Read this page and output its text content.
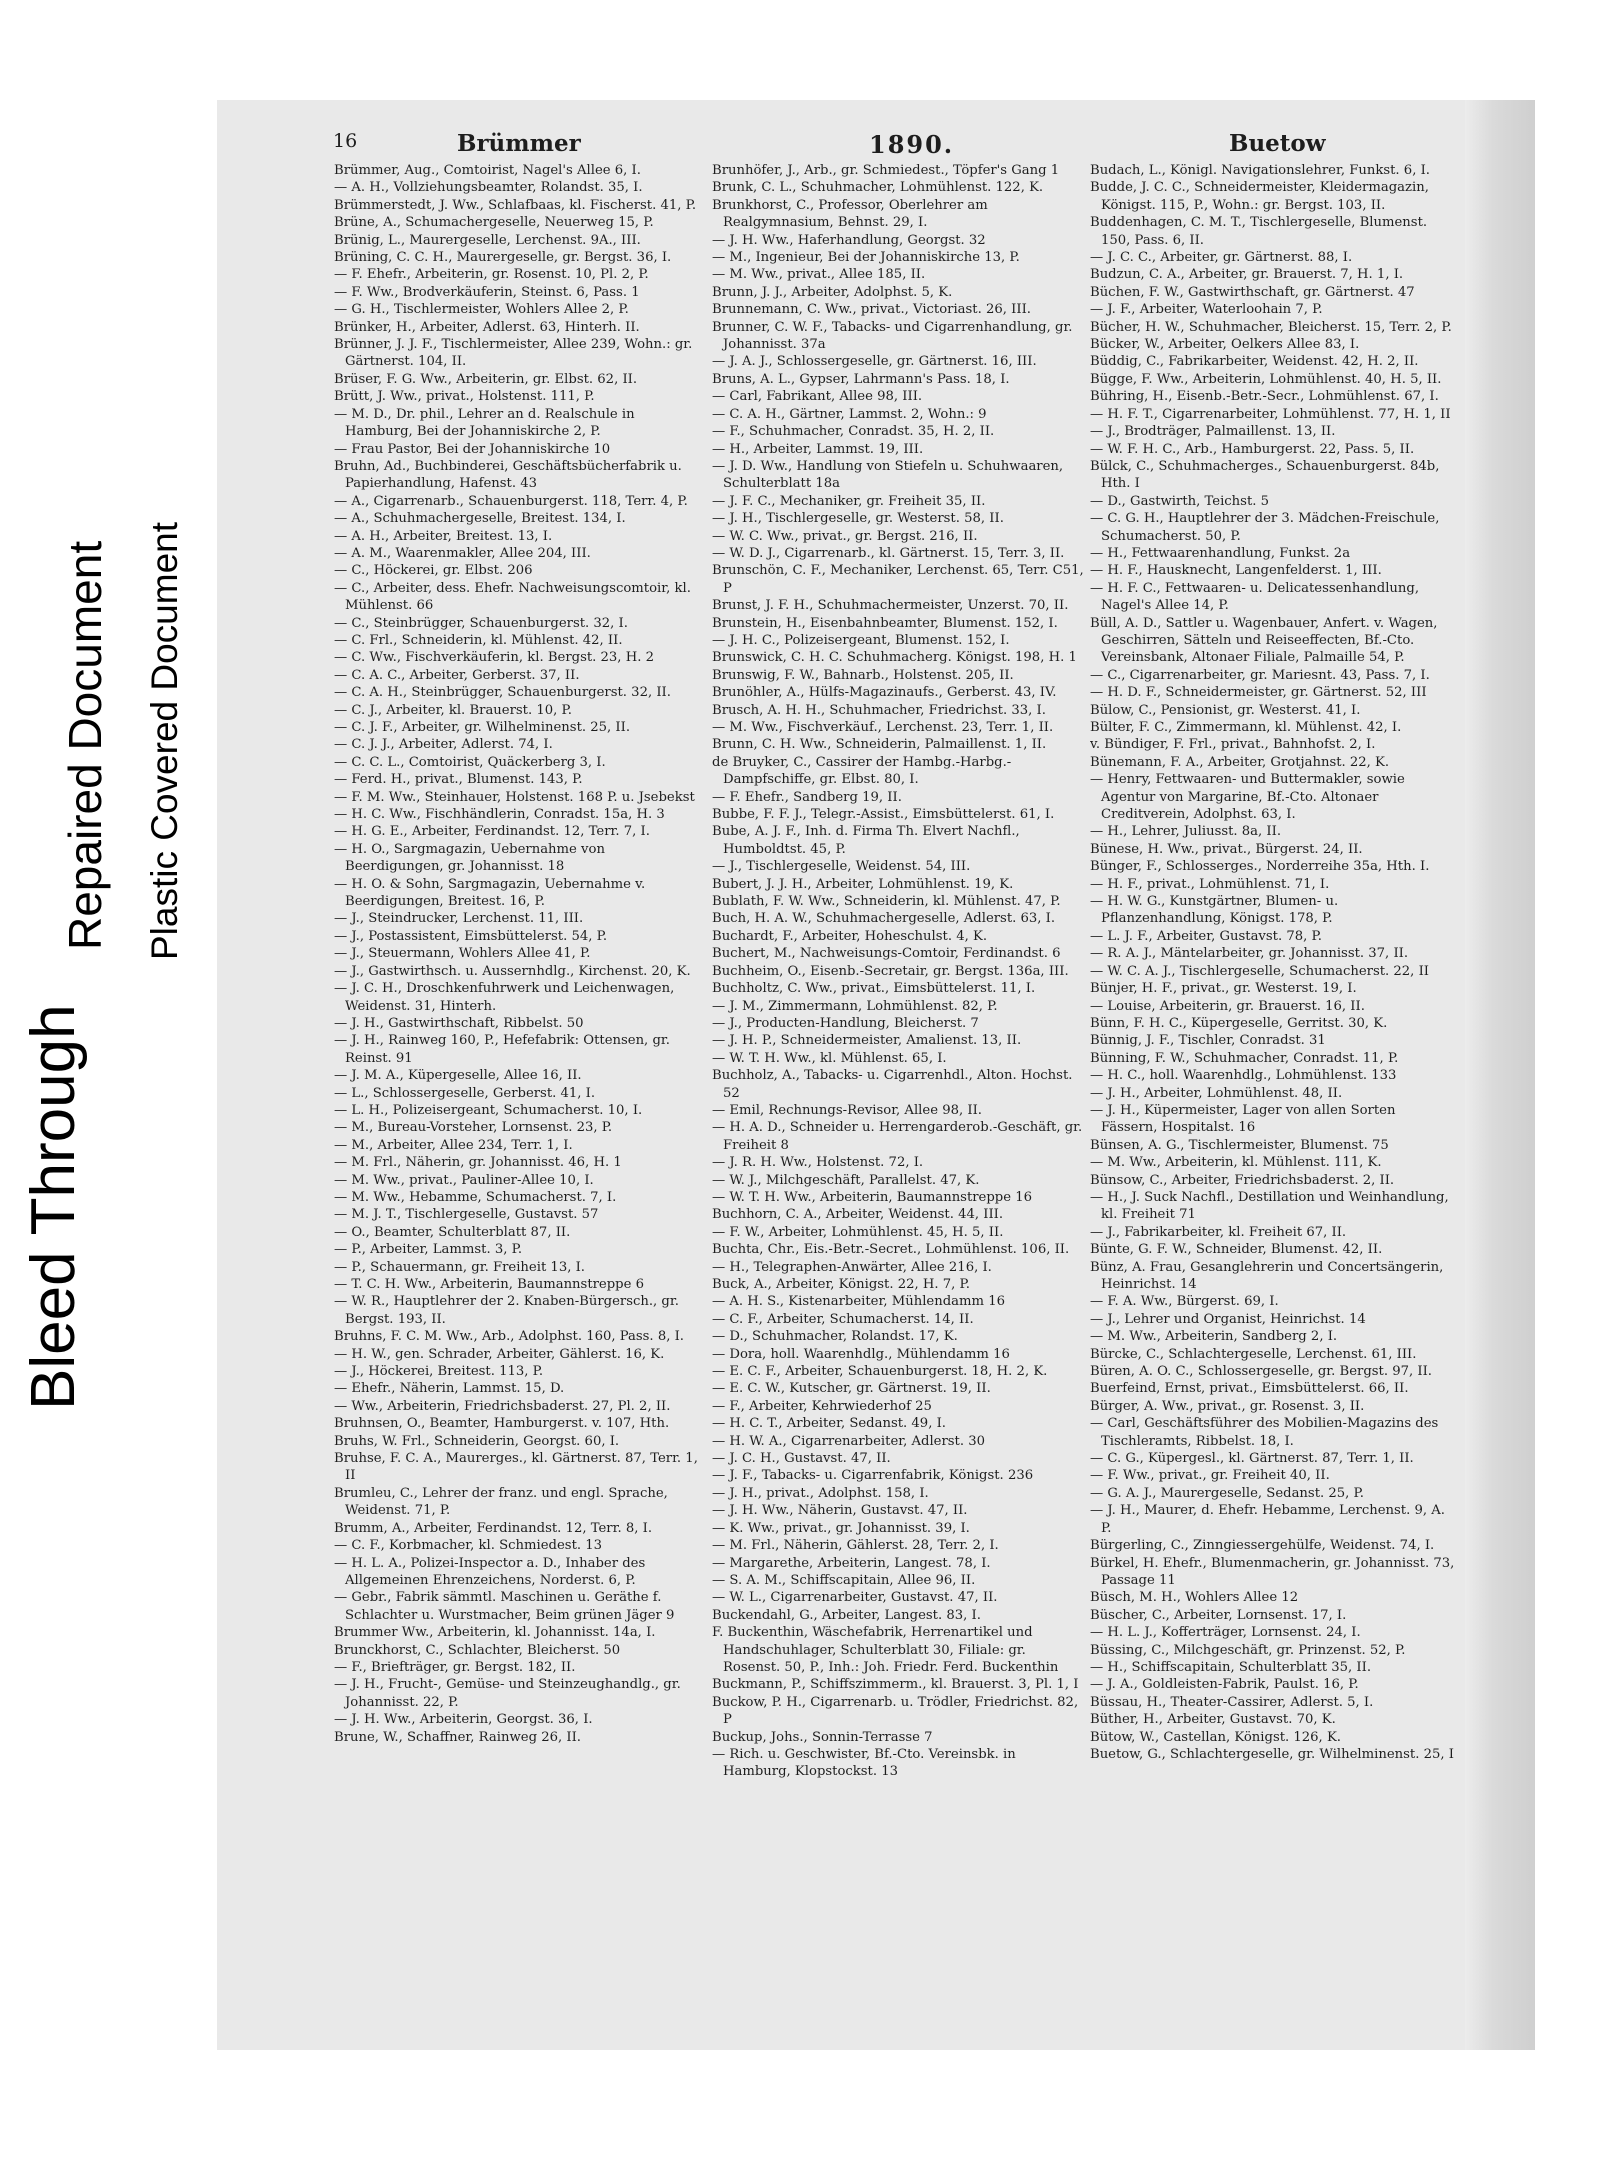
Bleed Through
Repaired Document Plastic Covered Document
16	Brümmer	1890.	Buetow

Brümmer, Aug., Comtoirist, Nagel's Allee 6, I.

— A. H., Vollziehungsbeamter, Rolandst. 35, I.

Brümmerstedt, J. Ww., Schlafbaas, kl. Fischerst. 41, P.

Brüne, A., Schumachergeselle, Neuerweg 15, P.

Brünig, L., Maurergeselle, Lerchenst. 9A., III.

Brüning, C. C. H., Maurergeselle, gr. Bergst. 36, I.

— F. Ehefr., Arbeiterin, gr. Rosenst. 10, Pl. 2, P.

— F. Ww., Brodverkäuferin, Steinst. 6, Pass. 1

— G. H., Tischlermeister, Wohlers Allee 2, P.

Brünker, H., Arbeiter, Adlerst. 63, Hinterh. II.

Brünner, J. J. F., Tischlermeister, Allee 239, Wohn.: gr. Gärtnerst. 104, II.

Brüser, F. G. Ww., Arbeiterin, gr. Elbst. 62, II.

Brütt, J. Ww., privat., Holstenst. 111, P.

— M. D., Dr. phil., Lehrer an d. Realschule in Hamburg, Bei der Johanniskirche 2, P.

— Frau Pastor, Bei der Johanniskirche 10

Bruhn, Ad., Buchbinderei, Geschäftsbücherfabrik u. Papierhandlung, Hafenst. 43

— A., Cigarrenarb., Schauenburgerst. 118, Terr. 4, P.

— A., Schuhmachergeselle, Breitest. 134, I.

— A. H., Arbeiter, Breitest. 13, I.

— A. M., Waarenmakler, Allee 204, III.

— C., Höckerei, gr. Elbst. 206

— C., Arbeiter, dess. Ehefr. Nachweisungscomtoir, kl. Mühlenst. 66

— C., Steinbrügger, Schauenburgerst. 32, I.

— C. Frl., Schneiderin, kl. Mühlenst. 42, II.

— C. Ww., Fischverkäuferin, kl. Bergst. 23, H. 2

— C. A. C., Arbeiter, Gerberst. 37, II.

— C. A. H., Steinbrügger, Schauenburgerst. 32, II.

— C. J., Arbeiter, kl. Brauerst. 10, P.

— C. J. F., Arbeiter, gr. Wilhelminenst. 25, II.

— C. J. J., Arbeiter, Adlerst. 74, I.

— C. C. L., Comtoirist, Quäckerberg 3, I.

— Ferd. H., privat., Blumenst. 143, P.

— F. M. Ww., Steinhauer, Holstenst. 168 P. u. Jsebekst

— H. C. Ww., Fischhändlerin, Conradst. 15a, H. 3

— H. G. E., Arbeiter, Ferdinandst. 12, Terr. 7, I.

— H. O., Sargmagazin, Uebernahme von Beerdigungen, gr. Johannisst. 18

— H. O. & Sohn, Sargmagazin, Uebernahme v. Beerdigungen, Breitest. 16, P.

— J., Steindrucker, Lerchenst. 11, III.

— J., Postassistent, Eimsbüttelerst. 54, P.

— J., Steuermann, Wohlers Allee 41, P.

— J., Gastwirthsch. u. Aussernhdlg., Kirchenst. 20, K.

— J. C. H., Droschkenfuhrwerk und Leichenwagen, Weidenst. 31, Hinterh.

— J. H., Gastwirthschaft, Ribbelst. 50

— J. H., Rainweg 160, P., Hefefabrik: Ottensen, gr. Reinst. 91

— J. M. A., Küpergeselle, Allee 16, II.

— L., Schlossergeselle, Gerberst. 41, I.

— L. H., Polizeisergeant, Schumacherst. 10, I.

— M., Bureau-Vorsteher, Lornsenst. 23, P.

— M., Arbeiter, Allee 234, Terr. 1, I.

— M. Frl., Näherin, gr. Johannisst. 46, H. 1

— M. Ww., privat., Pauliner-Allee 10, I.

— M. Ww., Hebamme, Schumacherst. 7, I.

— M. J. T., Tischlergeselle, Gustavst. 57

— O., Beamter, Schulterblatt 87, II.

— P., Arbeiter, Lammst. 3, P.

— P., Schauermann, gr. Freiheit 13, I.

— T. C. H. Ww., Arbeiterin, Baumannstreppe 6

— W. R., Hauptlehrer der 2. Knaben-Bürgersch., gr. Bergst. 193, II.

Bruhns, F. C. M. Ww., Arb., Adolphst. 160, Pass. 8, I.

— H. W., gen. Schrader, Arbeiter, Gählerst. 16, K.

— J., Höckerei, Breitest. 113, P.

— Ehefr., Näherin, Lammst. 15, D.

— Ww., Arbeiterin, Friedrichsbaderst. 27, Pl. 2, II.

Bruhnsen, O., Beamter, Hamburgerst. v. 107, Hth.

Bruhs, W. Frl., Schneiderin, Georgst. 60, I.

Bruhse, F. C. A., Maurerges., kl. Gärtnerst. 87, Terr. 1, II

Brumleu, C., Lehrer der franz. und engl. Sprache, Weidenst. 71, P.

Brumm, A., Arbeiter, Ferdinandst. 12, Terr. 8, I.

— C. F., Korbmacher, kl. Schmiedest. 13

— H. L. A., Polizei-Inspector a. D., Inhaber des Allgemeinen Ehrenzeichens, Norderst. 6, P.

— Gebr., Fabrik sämmtl. Maschinen u. Geräthe f. Schlachter u. Wurstmacher, Beim grünen Jäger 9

Brummer Ww., Arbeiterin, kl. Johannisst. 14a, I.

Brunckhorst, C., Schlachter, Bleicherst. 50

— F., Briefträger, gr. Bergst. 182, II.

— J. H., Frucht-, Gemüse- und Steinzeughandlg., gr. Johannisst. 22, P.

— J. H. Ww., Arbeiterin, Georgst. 36, I.

Brune, W., Schaffner, Rainweg 26, II.

Brunhöfer, J., Arb., gr. Schmiedest., Töpfer's Gang 1

Brunk, C. L., Schuhmacher, Lohmühlenst. 122, K.

Brunkhorst, C., Professor, Oberlehrer am Realgymnasium, Behnst. 29, I.

— J. H. Ww., Haferhandlung, Georgst. 32

— M., Ingenieur, Bei der Johanniskirche 13, P.

— M. Ww., privat., Allee 185, II.

Brunn, J. J., Arbeiter, Adolphst. 5, K.

Brunnemann, C. Ww., privat., Victoriast. 26, III.

Brunner, C. W. F., Tabacks- und Cigarrenhandlung, gr. Johannisst. 37a

— J. A. J., Schlossergeselle, gr. Gärtnerst. 16, III.

Bruns, A. L., Gypser, Lahrmann's Pass. 18, I.

— Carl, Fabrikant, Allee 98, III.

— C. A. H., Gärtner, Lammst. 2, Wohn.: 9

— F., Schuhmacher, Conradst. 35, H. 2, II.

— H., Arbeiter, Lammst. 19, III.

— J. D. Ww., Handlung von Stiefeln u. Schuhwaaren, Schulterblatt 18a

— J. F. C., Mechaniker, gr. Freiheit 35, II.

— J. H., Tischlergeselle, gr. Westerst. 58, II.

— W. C. Ww., privat., gr. Bergst. 216, II.

— W. D. J., Cigarrenarb., kl. Gärtnerst. 15, Terr. 3, II.

Brunschön, C. F., Mechaniker, Lerchenst. 65, Terr. C51, P

Brunst, J. F. H., Schuhmachermeister, Unzerst. 70, II.

Brunstein, H., Eisenbahnbeamter, Blumenst. 152, I.

— J. H. C., Polizeisergeant, Blumenst. 152, I.

Brunswick, C. H. C. Schuhmacherg. Königst. 198, H. 1

Brunswig, F. W., Bahnarb., Holstenst. 205, II.

Brunöhler, A., Hülfs-Magazinaufs., Gerberst. 43, IV.

Brusch, A. H. H., Schuhmacher, Friedrichst. 33, I.

— M. Ww., Fischverkäuf., Lerchenst. 23, Terr. 1, II.

Brunn, C. H. Ww., Schneiderin, Palmaillenst. 1, II.

de Bruyker, C., Cassirer der Hambg.-Harbg.-Dampfschiffe, gr. Elbst. 80, I.

— F. Ehefr., Sandberg 19, II.

Bubbe, F. F. J., Telegr.-Assist., Eimsbüttelerst. 61, I.

Bube, A. J. F., Inh. d. Firma Th. Elvert Nachfl., Humboldtst. 45, P.

— J., Tischlergeselle, Weidenst. 54, III.

Bubert, J. J. H., Arbeiter, Lohmühlenst. 19, K.

Bublath, F. W. Ww., Schneiderin, kl. Mühlenst. 47, P.

Buch, H. A. W., Schuhmachergeselle, Adlerst. 63, I.

Buchardt, F., Arbeiter, Hoheschulst. 4, K.

Buchert, M., Nachweisungs-Comtoir, Ferdinandst. 6

Buchheim, O., Eisenb.-Secretair, gr. Bergst. 136a, III.

Buchholtz, C. Ww., privat., Eimsbüttelerst. 11, I.

— J. M., Zimmermann, Lohmühlenst. 82, P.

— J., Producten-Handlung, Bleicherst. 7

— J. H. P., Schneidermeister, Amalienst. 13, II.

— W. T. H. Ww., kl. Mühlenst. 65, I.

Buchholz, A., Tabacks- u. Cigarrenhdl., Alton. Hochst. 52

— Emil, Rechnungs-Revisor, Allee 98, II.

— H. A. D., Schneider u. Herrengarderob.-Geschäft, gr. Freiheit 8

— J. R. H. Ww., Holstenst. 72, I.

— W. J., Milchgeschäft, Parallelst. 47, K.

— W. T. H. Ww., Arbeiterin, Baumannstreppe 16

Buchhorn, C. A., Arbeiter, Weidenst. 44, III.

— F. W., Arbeiter, Lohmühlenst. 45, H. 5, II.

Buchta, Chr., Eis.-Betr.-Secret., Lohmühlenst. 106, II.

— H., Telegraphen-Anwärter, Allee 216, I.

Buck, A., Arbeiter, Königst. 22, H. 7, P.

— A. H. S., Kistenarbeiter, Mühlendamm 16

— C. F., Arbeiter, Schumacherst. 14, II.

— D., Schuhmacher, Rolandst. 17, K.

— Dora, holl. Waarenhdlg., Mühlendamm 16

— E. C. F., Arbeiter, Schauenburgerst. 18, H. 2, K.

— E. C. W., Kutscher, gr. Gärtnerst. 19, II.

— F., Arbeiter, Kehrwiederhof 25

— H. C. T., Arbeiter, Sedanst. 49, I.

— H. W. A., Cigarrenarbeiter, Adlerst. 30

— J. C. H., Gustavst. 47, II.

— J. F., Tabacks- u. Cigarrenfabrik, Königst. 236

— J. H., privat., Adolphst. 158, I.

— J. H. Ww., Näherin, Gustavst. 47, II.

— K. Ww., privat., gr. Johannisst. 39, I.

— M. Frl., Näherin, Gählerst. 28, Terr. 2, I.

— Margarethe, Arbeiterin, Langest. 78, I.

— S. A. M., Schiffscapitain, Allee 96, II.

— W. L., Cigarrenarbeiter, Gustavst. 47, II.

Buckendahl, G., Arbeiter, Langest. 83, I.

F. Buckenthin, Wäschefabrik, Herrenartikel und Handschuhlager, Schulterblatt 30, Filiale: gr. Rosenst. 50, P., Inh.: Joh. Friedr. Ferd. Buckenthin

Buckmann, P., Schiffszimmerm., kl. Brauerst. 3, Pl. 1, I

Buckow, P. H., Cigarrenarb. u. Trödler, Friedrichst. 82, P

Buckup, Johs., Sonnin-Terrasse 7

— Rich. u. Geschwister, Bf.-Cto. Vereinsbk. in Hamburg, Klopstockst. 13

Budach, L., Königl. Navigationslehrer, Funkst. 6, I.

Budde, J. C. C., Schneidermeister, Kleidermagazin, Königst. 115, P., Wohn.: gr. Bergst. 103, II.

Buddenhagen, C. M. T., Tischlergeselle, Blumenst. 150, Pass. 6, II.

— J. C. C., Arbeiter, gr. Gärtnerst. 88, I.

Budzun, C. A., Arbeiter, gr. Brauerst. 7, H. 1, I.

Büchen, F. W., Gastwirthschaft, gr. Gärtnerst. 47

— J. F., Arbeiter, Waterloohain 7, P.

Bücher, H. W., Schuhmacher, Bleicherst. 15, Terr. 2, P.

Bücker, W., Arbeiter, Oelkers Allee 83, I.

Büddig, C., Fabrikarbeiter, Weidenst. 42, H. 2, II.

Bügge, F. Ww., Arbeiterin, Lohmühlenst. 40, H. 5, II.

Bühring, H., Eisenb.-Betr.-Secr., Lohmühlenst. 67, I.

— H. F. T., Cigarrenarbeiter, Lohmühlenst. 77, H. 1, II

— J., Brodträger, Palmaillenst. 13, II.

— W. F. H. C., Arb., Hamburgerst. 22, Pass. 5, II.

Bülck, C., Schuhmacherges., Schauenburgerst. 84b, Hth. I

— D., Gastwirth, Teichst. 5

— C. G. H., Hauptlehrer der 3. Mädchen-Freischule, Schumacherst. 50, P.

— H., Fettwaarenhandlung, Funkst. 2a

— H. F., Hausknecht, Langenfelderst. 1, III.

— H. F. C., Fettwaaren- u. Delicatessenhandlung, Nagel's Allee 14, P.

Büll, A. D., Sattler u. Wagenbauer, Anfert. v. Wagen, Geschirren, Sätteln und Reiseeffecten, Bf.-Cto. Vereinsbank, Altonaer Filiale, Palmaille 54, P.

— C., Cigarrenarbeiter, gr. Mariesnt. 43, Pass. 7, I.

— H. D. F., Schneidermeister, gr. Gärtnerst. 52, III

Bülow, C., Pensionist, gr. Westerst. 41, I.

Bülter, F. C., Zimmermann, kl. Mühlenst. 42, I.

v. Bündiger, F. Frl., privat., Bahnhofst. 2, I.

Bünemann, F. A., Arbeiter, Grotjahnst. 22, K.

— Henry, Fettwaaren- und Buttermakler, sowie Agentur von Margarine, Bf.-Cto. Altonaer Creditverein, Adolphst. 63, I.

— H., Lehrer, Juliusst. 8a, II.

Bünese, H. Ww., privat., Bürgerst. 24, II.

Bünger, F., Schlosserges., Norderreihe 35a, Hth. I.

— H. F., privat., Lohmühlenst. 71, I.

— H. W. G., Kunstgärtner, Blumen- u. Pflanzenhandlung, Königst. 178, P.

— L. J. F., Arbeiter, Gustavst. 78, P.

— R. A. J., Mäntelarbeiter, gr. Johannisst. 37, II.

— W. C. A. J., Tischlergeselle, Schumacherst. 22, II

Bünjer, H. F., privat., gr. Westerst. 19, I.

— Louise, Arbeiterin, gr. Brauerst. 16, II.

Bünn, F. H. C., Küpergeselle, Gerritst. 30, K.

Bünnig, J. F., Tischler, Conradst. 31

Bünning, F. W., Schuhmacher, Conradst. 11, P.

— H. C., holl. Waarenhdlg., Lohmühlenst. 133

— J. H., Arbeiter, Lohmühlenst. 48, II.

— J. H., Küpermeister, Lager von allen Sorten Fässern, Hospitalst. 16

Bünsen, A. G., Tischlermeister, Blumenst. 75

— M. Ww., Arbeiterin, kl. Mühlenst. 111, K.

Bünsow, C., Arbeiter, Friedrichsbaderst. 2, II.

— H., J. Suck Nachfl., Destillation und Weinhandlung, kl. Freiheit 71

— J., Fabrikarbeiter, kl. Freiheit 67, II.

Bünte, G. F. W., Schneider, Blumenst. 42, II.

Bünz, A. Frau, Gesanglehrerin und Concertsängerin, Heinrichst. 14

— F. A. Ww., Bürgerst. 69, I.

— J., Lehrer und Organist, Heinrichst. 14

— M. Ww., Arbeiterin, Sandberg 2, I.

Bürcke, C., Schlachtergeselle, Lerchenst. 61, III.

Büren, A. O. C., Schlossergeselle, gr. Bergst. 97, II.

Buerfeind, Ernst, privat., Eimsbüttelerst. 66, II.

Bürger, A. Ww., privat., gr. Rosenst. 3, II.

— Carl, Geschäftsführer des Mobilien-Magazins des Tischleramts, Ribbelst. 18, I.

— C. G., Küpergesl., kl. Gärtnerst. 87, Terr. 1, II.

— F. Ww., privat., gr. Freiheit 40, II.

— G. A. J., Maurergeselle, Sedanst. 25, P.

— J. H., Maurer, d. Ehefr. Hebamme, Lerchenst. 9, A. P.

Bürgerling, C., Zinngiessergehülfe, Weidenst. 74, I.

Bürkel, H. Ehefr., Blumenmacherin, gr. Johannisst. 73, Passage 11

Büsch, M. H., Wohlers Allee 12

Büscher, C., Arbeiter, Lornsenst. 17, I.

— H. L. J., Kofferträger, Lornsenst. 24, I.

Büssing, C., Milchgeschäft, gr. Prinzenst. 52, P.

— H., Schiffscapitain, Schulterblatt 35, II.

— J. A., Goldleisten-Fabrik, Paulst. 16, P.

Büssau, H., Theater-Cassirer, Adlerst. 5, I.

Büther, H., Arbeiter, Gustavst. 70, K.

Bütow, W., Castellan, Königst. 126, K.

Buetow, G., Schlachtergeselle, gr. Wilhelminenst. 25, I
